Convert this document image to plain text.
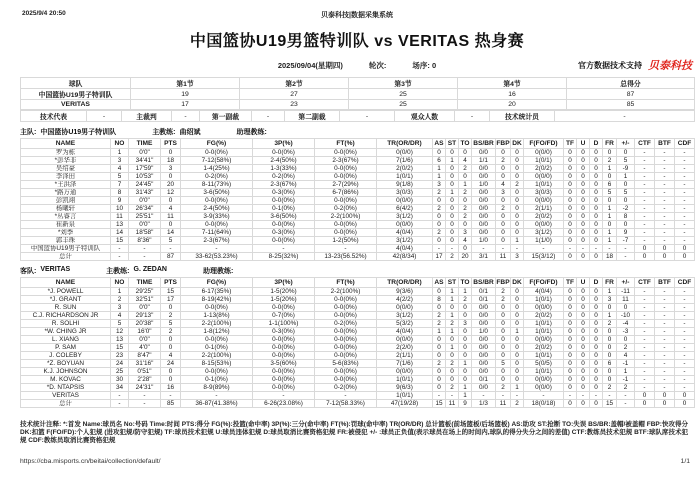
2025/9/4 20:50	贝泰科技|数据采集系统
中国篮协U19男篮特训队 vs VERITAS 热身赛
2025/09/04(星期四)	轮次:	场序: 0	官方数据技术支持 贝泰科技
球队	第1节	第2节	第3节	第4节	总得分
中国篮协U19男子特训队	19	27	25	16	87
VERITAS	17	23	25	20	85
技术代表	-	主裁判	-	第一副裁	-	第二副裁	-	观众人数	-	技术统计员	-
主队: 中国篮协U19男子特训队	主教练: 曲绍斌	助理教练:
NAME	NO	TIME	PTS	FG(%)	3P(%)	FT(%)	TR(OR/DR)	AS	ST	TO	BS/BR	FBP	DK	F(FO/FD)	TF	U	D	FR	+/-	CTF	BTF	CDF
罗为栋	1	0'0"	0	0-0(0%)	0-0(0%)	0-0(0%)	0(0/0)	0	0	0	0/0	0	0	0(0/0)	0	0	0	0	0	-	-	-
*彭华非	3	34'41"	18	7-12(58%)	2-4(50%)	2-3(67%)	7(1/6)	6	1	4	1/1	2	0	1(0/1)	0	0	0	2	5	-	-	-
吴绍豪	4	17'59"	3	1-4(25%)	1-3(33%)	0-0(0%)	2(0/2)	1	0	2	0/0	0	0	2(0/2)	0	0	0	1	-9	-	-	-
李泽田	5	10'53"	0	0-2(0%)	0-2(0%)	0-0(0%)	1(0/1)	1	0	0	0/0	0	0	0(0/0)	0	0	0	0	1	-	-	-
*王洪泽	7	24'45"	20	8-11(73%)	2-3(67%)	2-7(29%)	9(1/8)	3	0	1	1/0	4	2	1(0/1)	0	0	0	6	0	-	-	-
*路万通	8	31'43"	12	3-6(50%)	0-3(0%)	6-7(86%)	3(0/3)	2	1	2	0/0	3	0	3(0/3)	0	0	0	5	5	-	-	-
彭凯翊	9	0'0"	0	0-0(0%)	0-0(0%)	0-0(0%)	0(0/0)	0	0	0	0/0	0	0	0(0/0)	0	0	0	0	0	-	-	-
杨曦轩	10	26'34"	4	2-4(50%)	0-1(0%)	0-2(0%)	6(4/2)	2	0	2	0/0	2	0	2(1/1)	0	0	0	1	-2	-	-	-
*丛睿言	11	25'51"	11	3-9(33%)	3-6(50%)	2-2(100%)	3(1/2)	0	0	2	0/0	0	0	2(0/2)	0	0	0	1	8	-	-	-
崔新泉	13	0'0"	0	0-0(0%)	0-0(0%)	0-0(0%)	0(0/0)	0	0	0	0/0	0	0	0(0/0)	0	0	0	0	0	-	-	-
*刘季	14	18'58"	14	7-11(64%)	0-3(0%)	0-0(0%)	4(0/4)	2	0	3	0/0	0	0	3(1/2)	0	0	0	1	9	-	-	-
郭丰珠	15	8'36"	5	2-3(67%)	0-0(0%)	1-2(50%)	3(1/2)	0	0	4	1/0	0	1	1(1/0)	0	0	0	1	-7	-	-	-
中国篮协U19男子特训队	-	-	-	-	-	-	4(0/4)	-	-	0	-	-	-	-	-	-	-	-	-	0	0	0
总计	-	-	87	33-62(53.23%)	8-25(32%)	13-23(56.52%)	42(8/34)	17	2	20	3/1	11	3	15(3/12)	0	0	0	18	-	0	0	0
客队: VERITAS	主教练: G. ZEDAN	助理教练:
NAME	NO	TIME	PTS	FG(%)	3P(%)	FT(%)	TR(OR/DR)	AS	ST	TO	BS/BR	FBP	DK	F(FO/FD)	TF	U	D	FR	+/-	CTF	BTF	CDF
*J. POWELL	1	29'25"	15	6-17(35%)	1-5(20%)	2-2(100%)	9(3/6)	0	1	1	0/1	2	0	4(0/4)	0	0	0	1	-11	-	-	-
*J. GRANT	2	32'51"	17	8-19(42%)	1-5(20%)	0-0(0%)	4(2/2)	8	1	2	0/1	2	0	1(0/1)	0	0	0	3	11	-	-	-
R. SUN	3	0'0"	0	0-0(0%)	0-0(0%)	0-0(0%)	0(0/0)	0	0	0	0/0	0	0	0(0/0)	0	0	0	0	0	-	-	-
C.J. RICHARDSON JR	4	29'13"	2	1-13(8%)	0-7(0%)	0-0(0%)	3(1/2)	2	1	0	0/0	0	0	2(0/2)	0	0	0	1	-10	-	-	-
R. SOLHI	5	20'38"	5	2-2(100%)	1-1(100%)	0-2(0%)	5(3/2)	2	2	3	0/0	0	0	1(0/1)	0	0	0	2	-4	-	-	-
*W. CHING JR	12	16'0"	2	1-8(12%)	0-3(0%)	0-0(0%)	4(0/4)	1	1	0	1/0	0	1	1(0/1)	0	0	0	0	-3	-	-	-
L. XIANG	13	0'0"	0	0-0(0%)	0-0(0%)	0-0(0%)	0(0/0)	0	0	0	0/0	0	0	0(0/0)	0	0	0	0	0	-	-	-
P. SAM	15	4'0"	0	0-1(0%)	0-0(0%)	0-0(0%)	2(2/0)	0	1	0	0/0	0	0	2(0/2)	0	0	0	0	2	-	-	-
J. COLEBY	23	8'47"	4	2-2(100%)	0-0(0%)	0-0(0%)	2(1/1)	0	0	0	0/0	0	0	1(0/1)	0	0	0	0	4	-	-	-
*Z. BOYUAN	24	31'16"	24	8-15(53%)	3-5(60%)	5-6(83%)	7(1/6)	2	2	1	0/0	5	0	5(0/5)	0	0	0	6	-1	-	-	-
K.J. JOHNSON	25	0'51"	0	0-0(0%)	0-0(0%)	0-0(0%)	0(0/0)	0	0	0	0/0	0	0	1(0/1)	0	0	0	0	1	-	-	-
M. KOVAC	30	2'28"	0	0-1(0%)	0-0(0%)	0-0(0%)	1(0/1)	0	0	0	0/1	0	0	0(0/0)	0	0	0	0	-1	-	-	-
*D. NTAPSIS	34	24'31"	16	8-9(89%)	0-0(0%)	0-2(0%)	9(6/3)	0	2	1	0/0	2	1	0(0/0)	0	0	0	2	2	-	-	-
VERITAS	-	-	-	-	-	-	1(0/1)	-	-	1	-	-	-	-	-	-	-	-	-	0	0	0
总计	-	-	85	36-87(41.38%)	6-26(23.08%)	7-12(58.33%)	47(19/28)	15	11	9	1/3	11	2	18(0/18)	0	0	0	15	-	0	0	0
技术统计注释: *:首发 Name:球员名 No:号码 Time:时间 PTS:得分 FG(%):投篮(命中率) 3P(%):三分(命中率) FT(%):罚球(命中率) TR(OR/DR) 总计篮板(前场篮板/后场篮板) AS:助攻 ST:抢断 TO:失误 BS/BR:盖帽/被盖帽 FBP:快攻得分 DK:扣篮 F(FO/FD):个人犯规 (进攻犯规/防守犯规) TF:球员技术犯规 U:球员违体犯规 D:球员取消比赛资格犯规 FR:被侵犯 +/- :球员正负值(表示球员在场上的时间内,球队的得分失分之间的差值) CTF:教练员技术犯规 BTF:球队席技术犯规 CDF:教练员取消比赛资格犯规
https://cba.misports.cn/beitai/collection/default/	1/1
